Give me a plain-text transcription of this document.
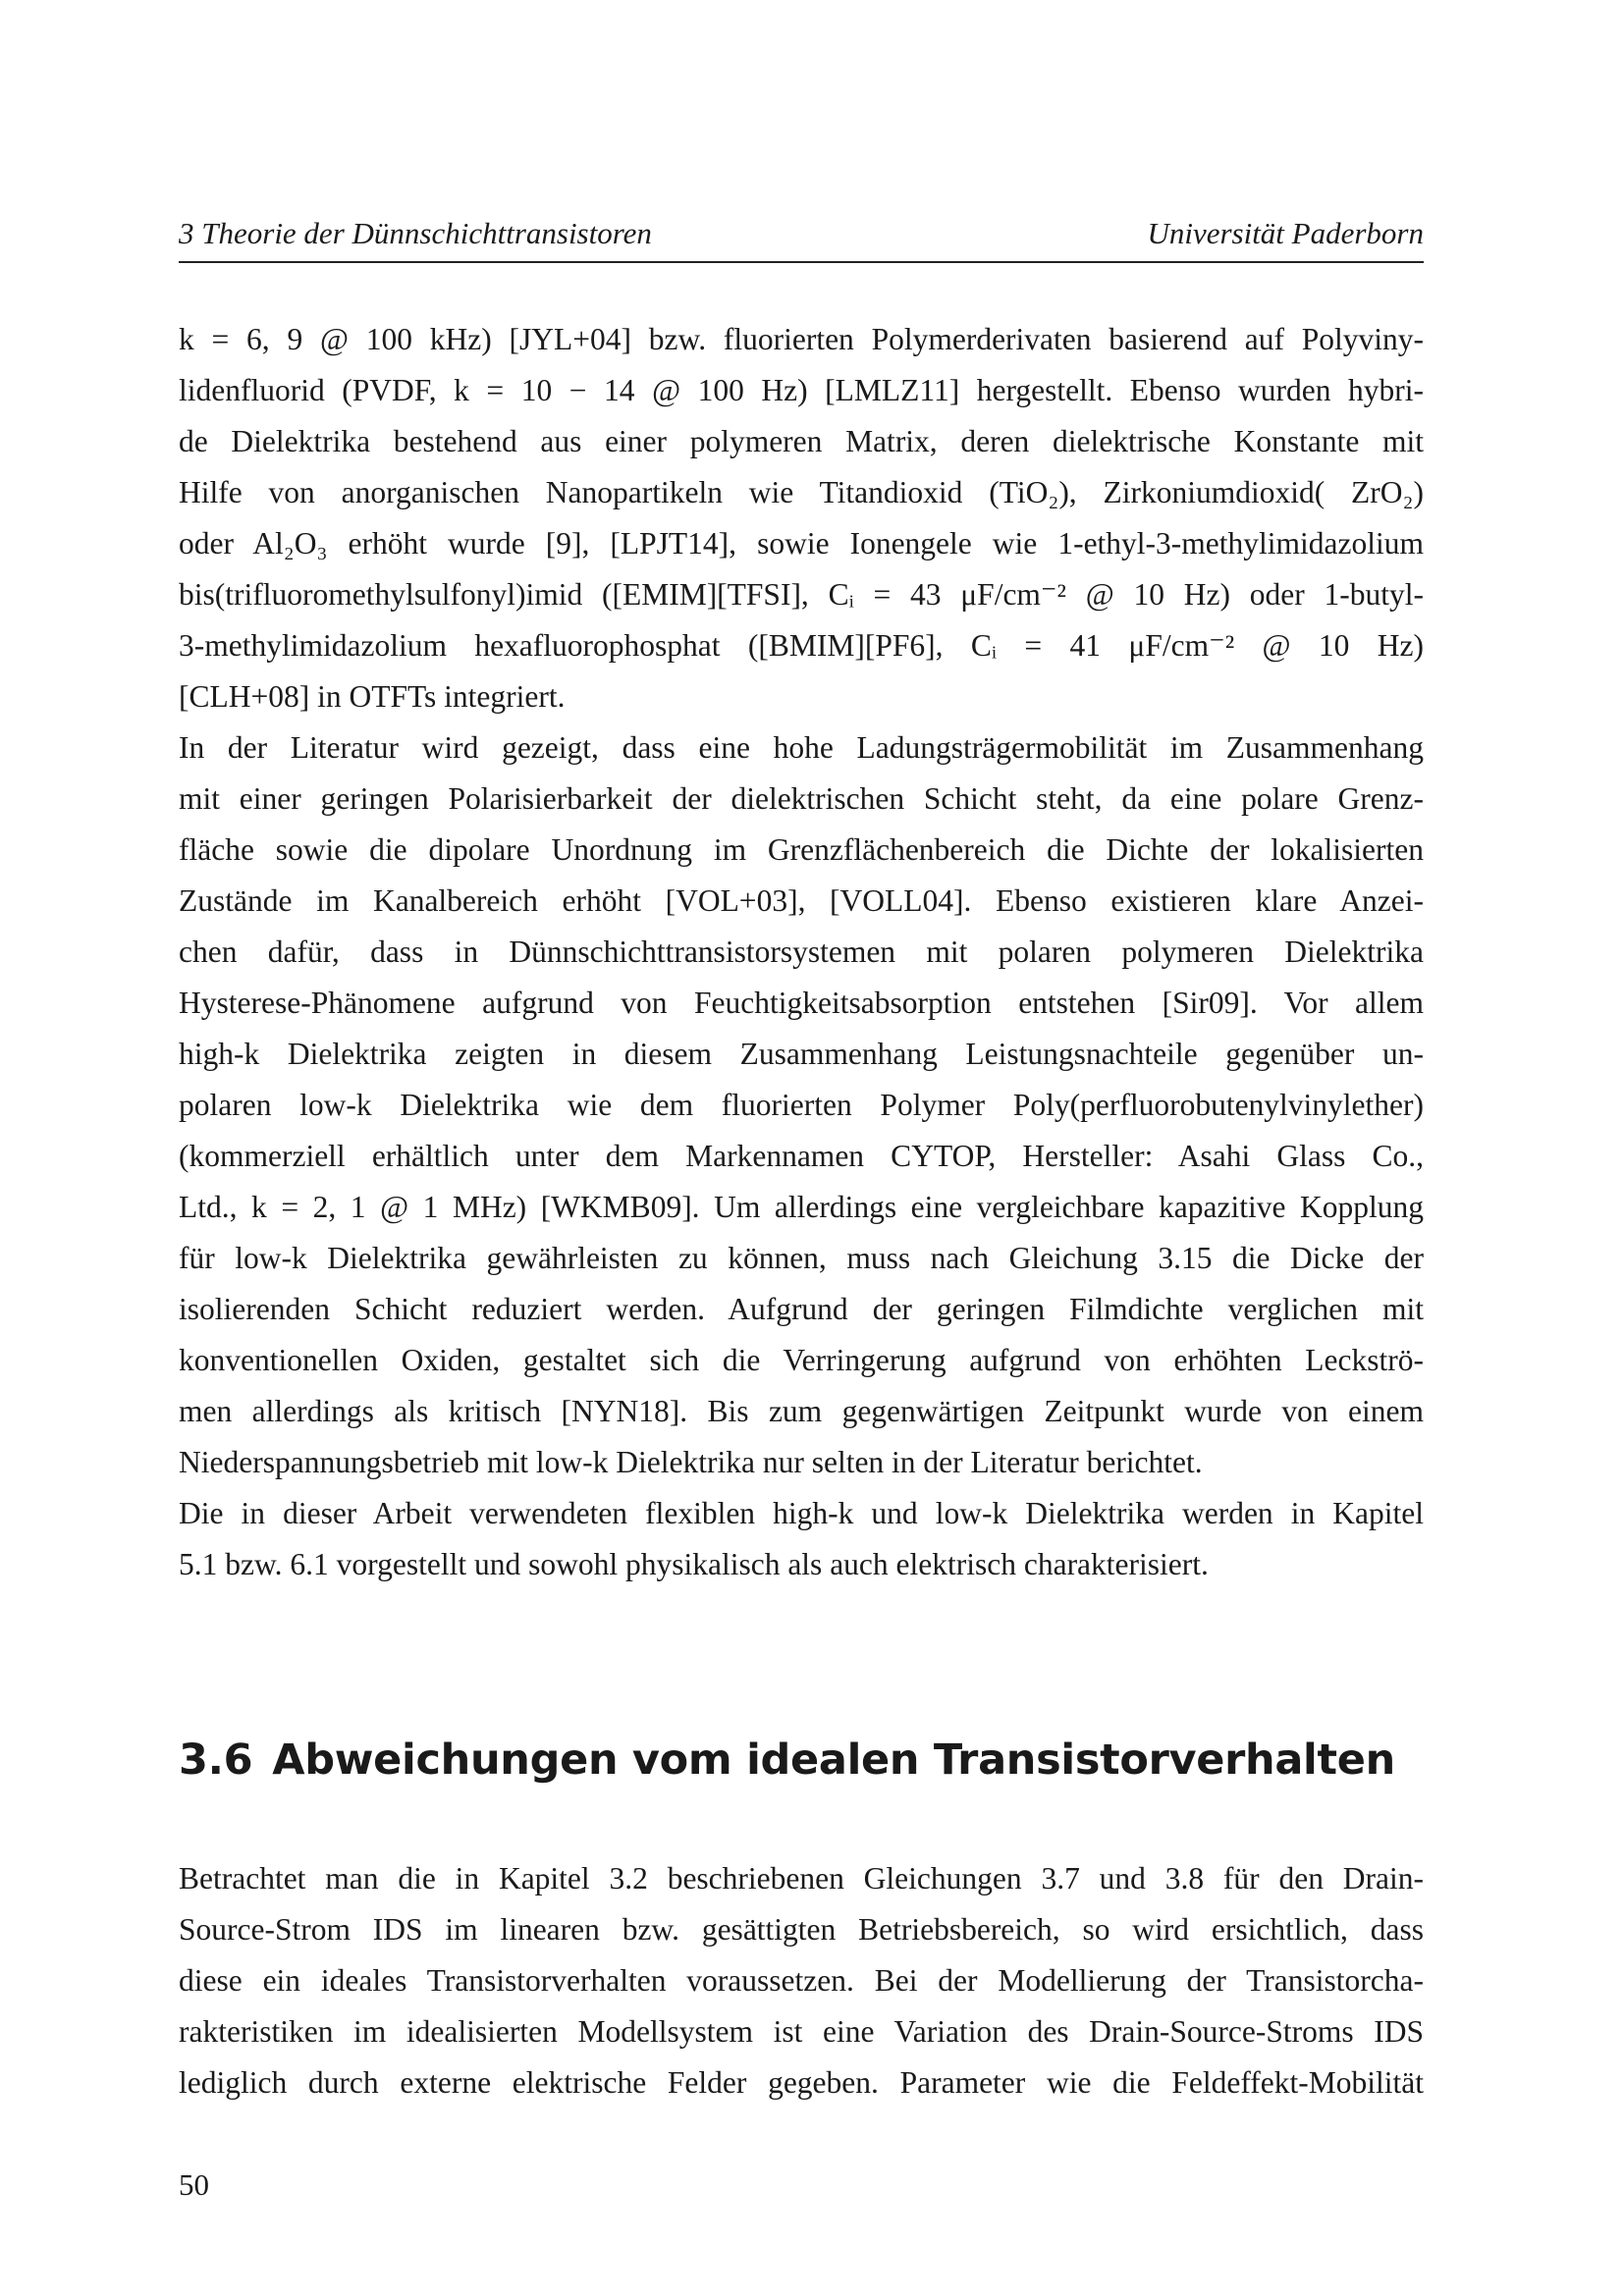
3 Theorie der Dünnschichttransistoren	Universität Paderborn
k = 6, 9 @ 100 kHz) [JYL+04] bzw. fluorierten Polymerderivaten basierend auf Polyviny-
lidenfluorid (PVDF, k = 10 − 14 @ 100 Hz) [LMLZ11] hergestellt. Ebenso wurden hybri-
de Dielektrika bestehend aus einer polymeren Matrix, deren dielektrische Konstante mit
Hilfe von anorganischen Nanopartikeln wie Titandioxid (TiO₂), Zirkoniumdioxid( ZrO₂)
oder Al₂O₃ erhöht wurde [9], [LPJT14], sowie Ionengele wie 1-ethyl-3-methylimidazolium
bis(trifluoromethylsulfonyl)imid ([EMIM][TFSI], Cᵢ = 43 μF/cm⁻² @ 10 Hz) oder 1-butyl-
3-methylimidazolium hexafluorophosphat ([BMIM][PF6], Cᵢ = 41 μF/cm⁻² @ 10 Hz)
[CLH+08] in OTFTs integriert.
In der Literatur wird gezeigt, dass eine hohe Ladungsträgermobilität im Zusammenhang
mit einer geringen Polarisierbarkeit der dielektrischen Schicht steht, da eine polare Grenz-
fläche sowie die dipolare Unordnung im Grenzflächenbereich die Dichte der lokalisierten
Zustände im Kanalbereich erhöht [VOL+03], [VOLL04]. Ebenso existieren klare Anzei-
chen dafür, dass in Dünnschichttransistorsystemen mit polaren polymeren Dielektrika
Hysterese-Phänomene aufgrund von Feuchtigkeitsabsorption entstehen [Sir09]. Vor allem
high-k Dielektrika zeigten in diesem Zusammenhang Leistungsnachteile gegenüber un-
polaren low-k Dielektrika wie dem fluorierten Polymer Poly(perfluorobutenylvinylether)
(kommerziell erhältlich unter dem Markennamen CYTOP, Hersteller: Asahi Glass Co.,
Ltd., k = 2, 1 @ 1 MHz) [WKMB09]. Um allerdings eine vergleichbare kapazitive Kopplung
für low-k Dielektrika gewährleisten zu können, muss nach Gleichung 3.15 die Dicke der
isolierenden Schicht reduziert werden. Aufgrund der geringen Filmdichte verglichen mit
konventionellen Oxiden, gestaltet sich die Verringerung aufgrund von erhöhten Leckströ-
men allerdings als kritisch [NYN18]. Bis zum gegenwärtigen Zeitpunkt wurde von einem
Niederspannungsbetrieb mit low-k Dielektrika nur selten in der Literatur berichtet.
Die in dieser Arbeit verwendeten flexiblen high-k und low-k Dielektrika werden in Kapitel
5.1 bzw. 6.1 vorgestellt und sowohl physikalisch als auch elektrisch charakterisiert.
3.6 Abweichungen vom idealen Transistorverhalten
Betrachtet man die in Kapitel 3.2 beschriebenen Gleichungen 3.7 und 3.8 für den Drain-
Source-Strom IDS im linearen bzw. gesättigten Betriebsbereich, so wird ersichtlich, dass
diese ein ideales Transistorverhalten voraussetzen. Bei der Modellierung der Transistorcha-
rakteristiken im idealisierten Modellsystem ist eine Variation des Drain-Source-Stroms IDS
lediglich durch externe elektrische Felder gegeben. Parameter wie die Feldeffekt-Mobilität
50
